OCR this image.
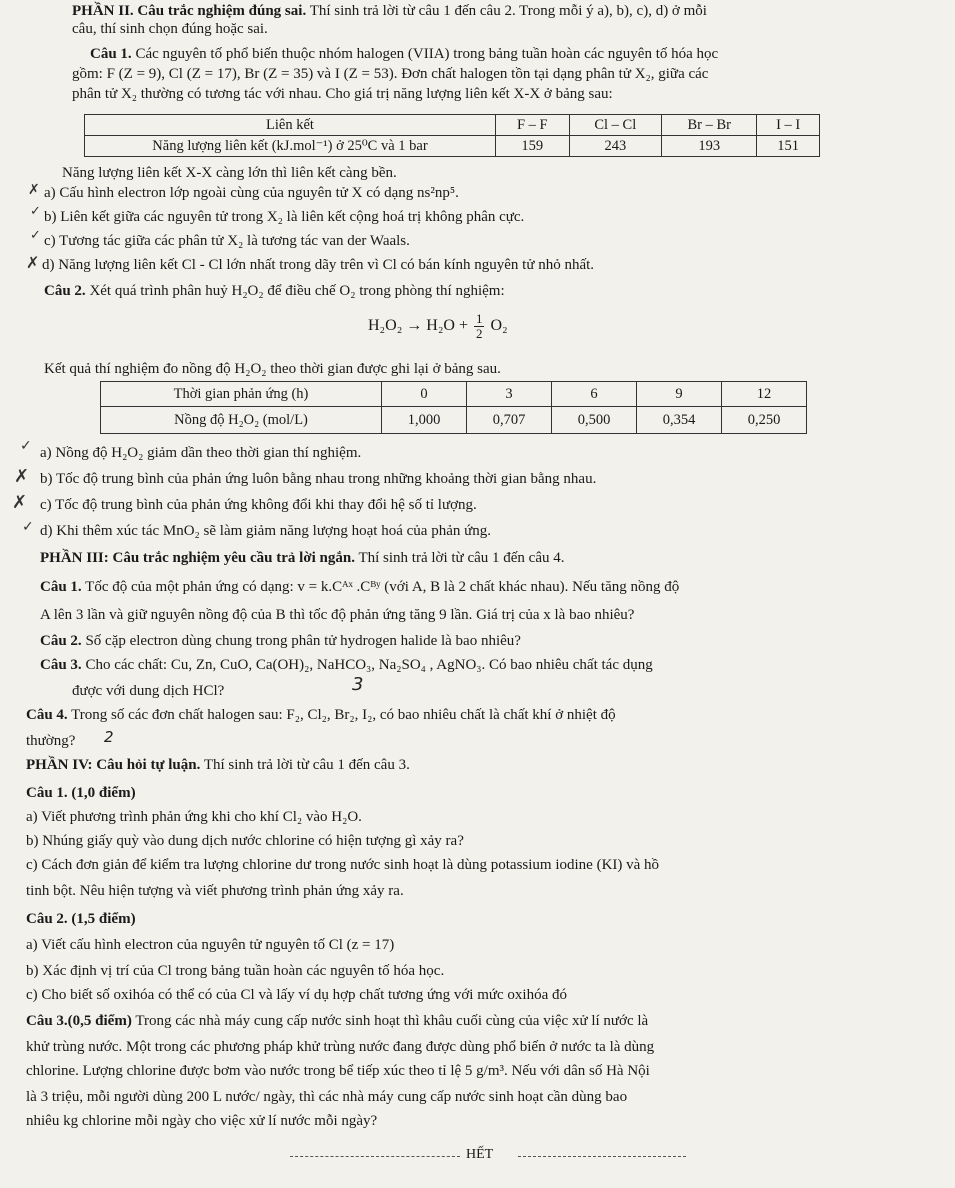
PHẦN II. Câu trắc nghiệm đúng sai. Thí sinh trả lời từ câu 1 đến câu 2. Trong mỗi ý a), b), c), d) ở mỗi
câu, thí sinh chọn đúng hoặc sai.
Câu 1. Các nguyên tố phổ biến thuộc nhóm halogen (VIIA) trong bảng tuần hoàn các nguyên tố hóa học
gồm: F (Z = 9), Cl (Z = 17), Br (Z = 35) và I (Z = 53). Đơn chất halogen tồn tại dạng phân tử X₂, giữa các
phân tử X₂ thường có tương tác với nhau. Cho giá trị năng lượng liên kết X-X ở bảng sau:
Liên kết	F – F	Cl – Cl	Br – Br	I – I
Năng lượng liên kết (kJ.mol⁻¹) ở 25⁰C và 1 bar	159	243	193	151
Năng lượng liên kết X-X càng lớn thì liên kết càng bền.
✗ a) Cấu hình electron lớp ngoài cùng của nguyên tử X có dạng ns²np⁵.
✓ b) Liên kết giữa các nguyên tử trong X₂ là liên kết cộng hoá trị không phân cực.
✓ c) Tương tác giữa các phân tử X₂ là tương tác van der Waals.
✗ d) Năng lượng liên kết Cl - Cl lớn nhất trong dãy trên vì Cl có bán kính nguyên tử nhỏ nhất.
Câu 2. Xét quá trình phân huỷ H₂O₂ để điều chế O₂ trong phòng thí nghiệm:
$H_2O_2 \to H_2O + \frac{1}{2} O_2$
Kết quả thí nghiệm đo nồng độ H₂O₂ theo thời gian được ghi lại ở bảng sau.
Thời gian phản ứng (h)	0	3	6	9	12
Nồng độ H₂O₂ (mol/L)	1,000	0,707	0,500	0,354	0,250
✓ a) Nồng độ H₂O₂ giảm dần theo thời gian thí nghiệm.
✗ b) Tốc độ trung bình của phản ứng luôn bằng nhau trong những khoảng thời gian bằng nhau.
✗ c) Tốc độ trung bình của phản ứng không đổi khi thay đổi hệ số tỉ lượng.
✓ d) Khi thêm xúc tác MnO₂ sẽ làm giảm năng lượng hoạt hoá của phản ứng.
PHẦN III: Câu trắc nghiệm yêu cầu trả lời ngắn. Thí sinh trả lời từ câu 1 đến câu 4.
Câu 1. Tốc độ của một phản ứng có dạng: v = k.Cᴬˣ .Cᴮʸ (với A, B là 2 chất khác nhau). Nếu tăng nồng độ
A lên 3 lần và giữ nguyên nồng độ của B thì tốc độ phản ứng tăng 9 lần. Giá trị của x là bao nhiêu?
Câu 2. Số cặp electron dùng chung trong phân tử hydrogen halide là bao nhiêu?
Câu 3. Cho các chất: Cu, Zn, CuO, Ca(OH)₂, NaHCO₃, Na₂SO₄ , AgNO₃. Có bao nhiêu chất tác dụng
được với dung dịch HCl?	3
Câu 4. Trong số các đơn chất halogen sau: F₂, Cl₂, Br₂, I₂, có bao nhiêu chất là chất khí ở nhiệt độ
thường? 2
PHẦN IV: Câu hỏi tự luận. Thí sinh trả lời từ câu 1 đến câu 3.
Câu 1. (1,0 điểm)
a) Viết phương trình phản ứng khi cho khí Cl₂ vào H₂O.
b) Nhúng giấy quỳ vào dung dịch nước chlorine có hiện tượng gì xảy ra?
c) Cách đơn giản để kiểm tra lượng chlorine dư trong nước sinh hoạt là dùng potassium iodine (KI) và hồ
tinh bột. Nêu hiện tượng và viết phương trình phản ứng xảy ra.
Câu 2. (1,5 điểm)
a) Viết cấu hình electron của nguyên tử nguyên tố Cl (z = 17)
b) Xác định vị trí của Cl trong bảng tuần hoàn các nguyên tố hóa học.
c) Cho biết số oxihóa có thể có của Cl và lấy ví dụ hợp chất tương ứng với mức oxihóa đó
Câu 3.(0,5 điểm) Trong các nhà máy cung cấp nước sinh hoạt thì khâu cuối cùng của việc xử lí nước là
khử trùng nước. Một trong các phương pháp khử trùng nước đang được dùng phổ biến ở nước ta là dùng
chlorine. Lượng chlorine được bơm vào nước trong bể tiếp xúc theo tỉ lệ 5 g/m³. Nếu với dân số Hà Nội
là 3 triệu, mỗi người dùng 200 L nước/ ngày, thì các nhà máy cung cấp nước sinh hoạt cần dùng bao
nhiêu kg chlorine mỗi ngày cho việc xử lí nước mỗi ngày?
HẾT
